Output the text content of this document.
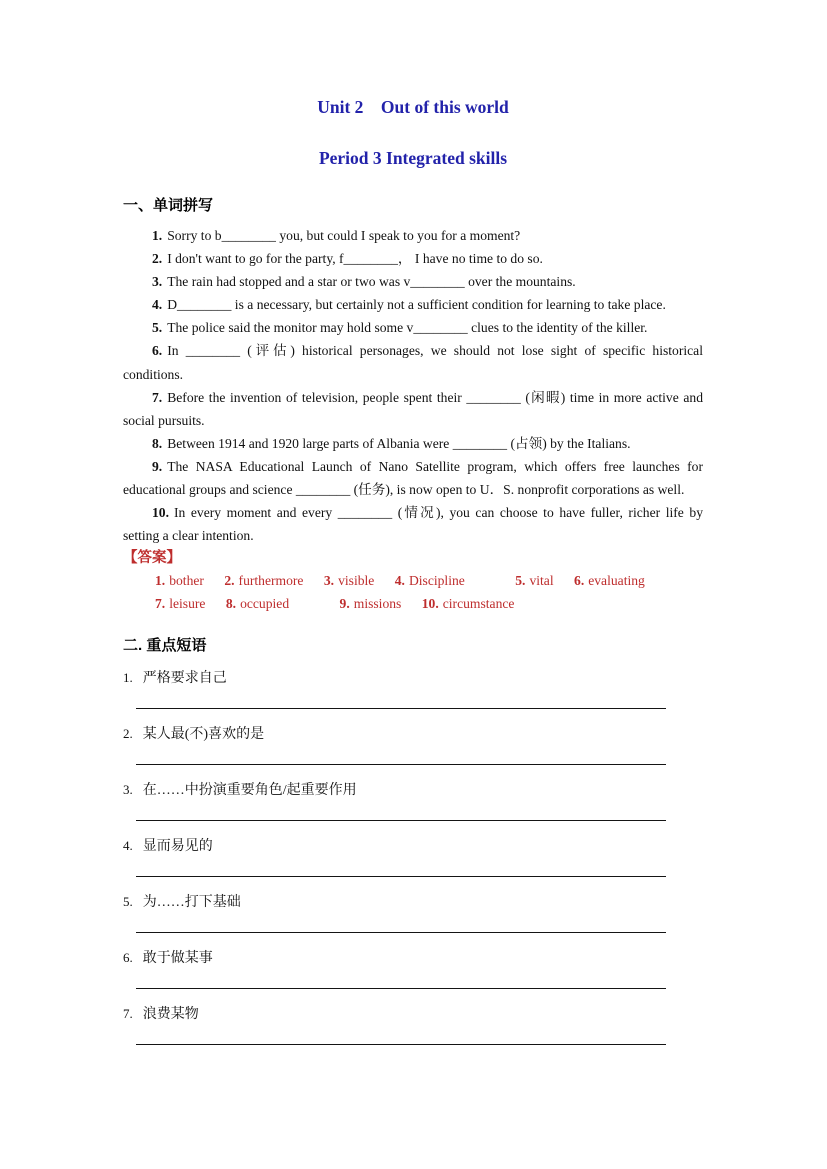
Unit 2    Out of this world
Period 3 Integrated skills
一、单词拼写

1. Sorry to b________ you, but could I speak to you for a moment?

2. I don't want to go for the party, f________， I have no time to do so.

3. The rain had stopped and a star or two was v________ over the mountains.

4. D________ is a necessary, but certainly not a sufficient condition for learning to take place.

5. The police said the monitor may hold some v________ clues to the identity of the killer.

6. In ________ (评估) historical personages, we should not lose sight of specific historical conditions.

7. Before the invention of television, people spent their ________ (闲暇) time in more active and social pursuits.

8. Between 1914 and 1920 large parts of Albania were ________ (占领) by the Italians.

9. The NASA Educational Launch of Nano Satellite program, which offers free launches for educational groups and science ________ (任务), is now open to U．S. nonprofit corporations as well.

10. In every moment and every ________ (情况), you can choose to have fuller, richer life by setting a clear intention.

【答案】
1. bother 2. furthermore 3. visible 4. Discipline	5. vital 6. evaluating
7. leisure 8. occupied	9. missions 10. circumstance
二. 重点短语
1. 严格要求自己
2. 某人最(不)喜欢的是
3. 在……中扮演重要角色/起重要作用
4. 显而易见的
5. 为……打下基础
6. 敢于做某事
7. 浪费某物
